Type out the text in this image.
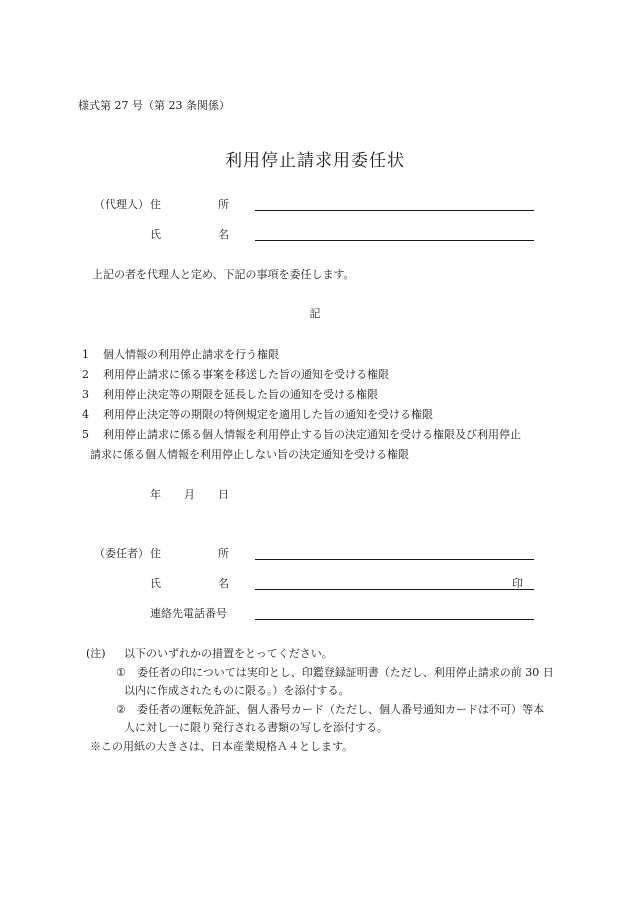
様式第 27 号（第 23 条関係）
利用停止請求用委任状
（代理人） 住	所
氏	名
上記の者を代理人と定め、下記の事項を委任します。
記
1 個人情報の利用停止請求を行う権限
2 利用停止請求に係る事案を移送した旨の通知を受ける権限
3 利用停止決定等の期限を延長した旨の通知を受ける権限
4 利用停止決定等の期限の特例規定を適用した旨の通知を受ける権限
5 利用停止請求に係る個人情報を利用停止する旨の決定通知を受ける権限及び利用停止
請求に係る個人情報を利用停止しない旨の決定通知を受ける権限
年 月 日
（委任者） 住	所
氏	名	印
連絡先電話番号
(注) 以下のいずれかの措置をとってください。
① 委任者の印については実印とし、印鑑登録証明書（ただし、利用停止請求の前 30 日
以内に作成されたものに限る。）を添付する。
② 委任者の運転免許証、個人番号カード（ただし、個人番号通知カードは不可）等本
人に対し一に限り発行される書類の写しを添付する。
※この用紙の大きさは、日本産業規格Ａ４とします。
